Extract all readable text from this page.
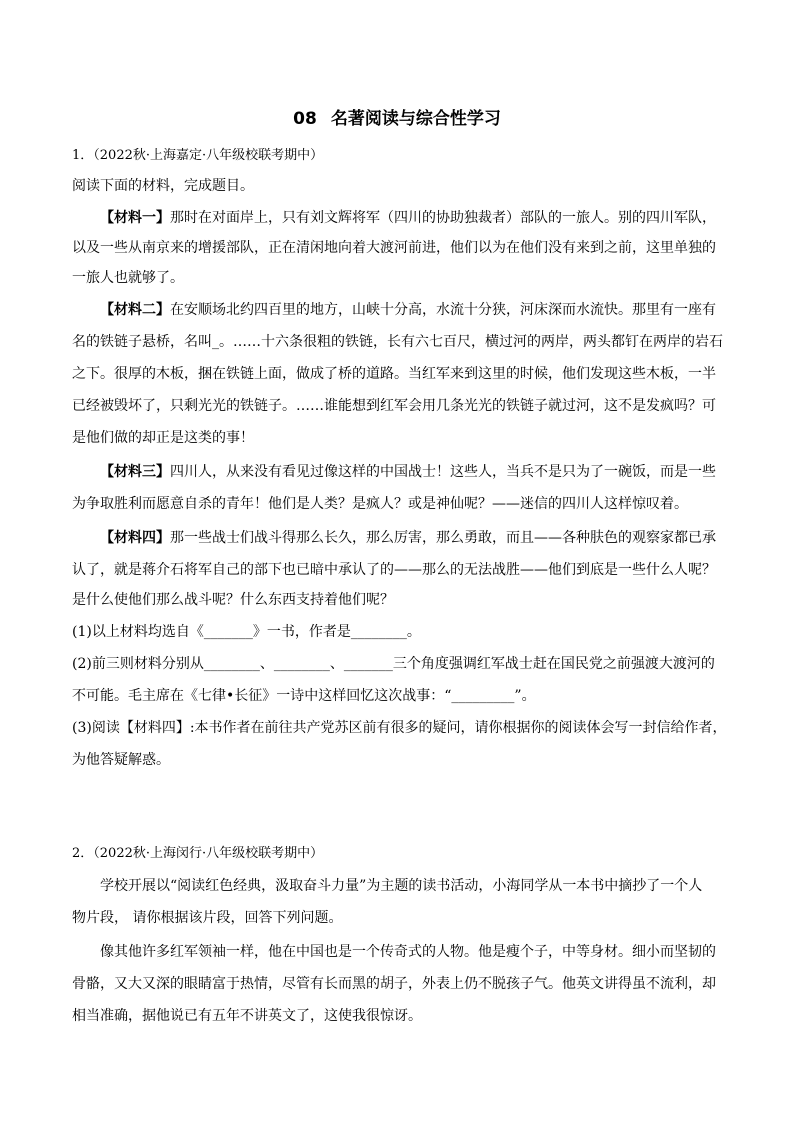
08 名著阅读与综合性学习
1．（2022秋·上海嘉定·八年级校联考期中）
阅读下面的材料，完成题目。
【材料一】那时在对面岸上，只有刘文辉将军（四川的协助独裁者）部队的一旅人。别的四川军队，
以及一些从南京来的增援部队，正在清闲地向着大渡河前进，他们以为在他们没有来到之前，这里单独的
一旅人也就够了。
【材料二】在安顺场北约四百里的地方，山峡十分高，水流十分狭，河床深而水流快。那里有一座有
名的铁链子悬桥，名叫_。……十六条很粗的铁链，长有六七百尺，横过河的两岸，两头都钉在两岸的岩石
之下。很厚的木板，捆在铁链上面，做成了桥的道路。当红军来到这里的时候，他们发现这些木板，一半
已经被毁坏了，只剩光光的铁链子。……谁能想到红军会用几条光光的铁链子就过河，这不是发疯吗？可
是他们做的却正是这类的事！
【材料三】四川人，从来没有看见过像这样的中国战士！这些人，当兵不是只为了一碗饭，而是一些
为争取胜利而愿意自杀的青年！他们是人类？是疯人？或是神仙呢？——迷信的四川人这样惊叹着。
【材料四】那一些战士们战斗得那么长久，那么厉害，那么勇敢，而且——各种肤色的观察家都已承
认了，就是蒋介石将军自己的部下也已暗中承认了的——那么的无法战胜——他们到底是一些什么人呢？
是什么使他们那么战斗呢？什么东西支持着他们呢？
(1)以上材料均选自《_______》一书，作者是________。
(2)前三则材料分别从________、________、_______三个角度强调红军战士赶在国民党之前强渡大渡河的
不可能。毛主席在《七律•长征》一诗中这样回忆这次战事：“_________”。
(3)阅读【材料四】:本书作者在前往共产党苏区前有很多的疑问，请你根据你的阅读体会写一封信给作者，
为他答疑解惑。
2．（2022秋·上海闵行·八年级校联考期中）
学校开展以“阅读红色经典，汲取奋斗力量”为主题的读书活动，小海同学从一本书中摘抄了一个人
物片段， 请你根据该片段，回答下列问题。
像其他许多红军领袖一样，他在中国也是一个传奇式的人物。他是瘦个子，中等身材。细小而坚韧的
骨骼，又大又深的眼睛富于热情，尽管有长而黑的胡子，外表上仍不脱孩子气。他英文讲得虽不流利，却
相当准确，据他说已有五年不讲英文了，这使我很惊讶。
